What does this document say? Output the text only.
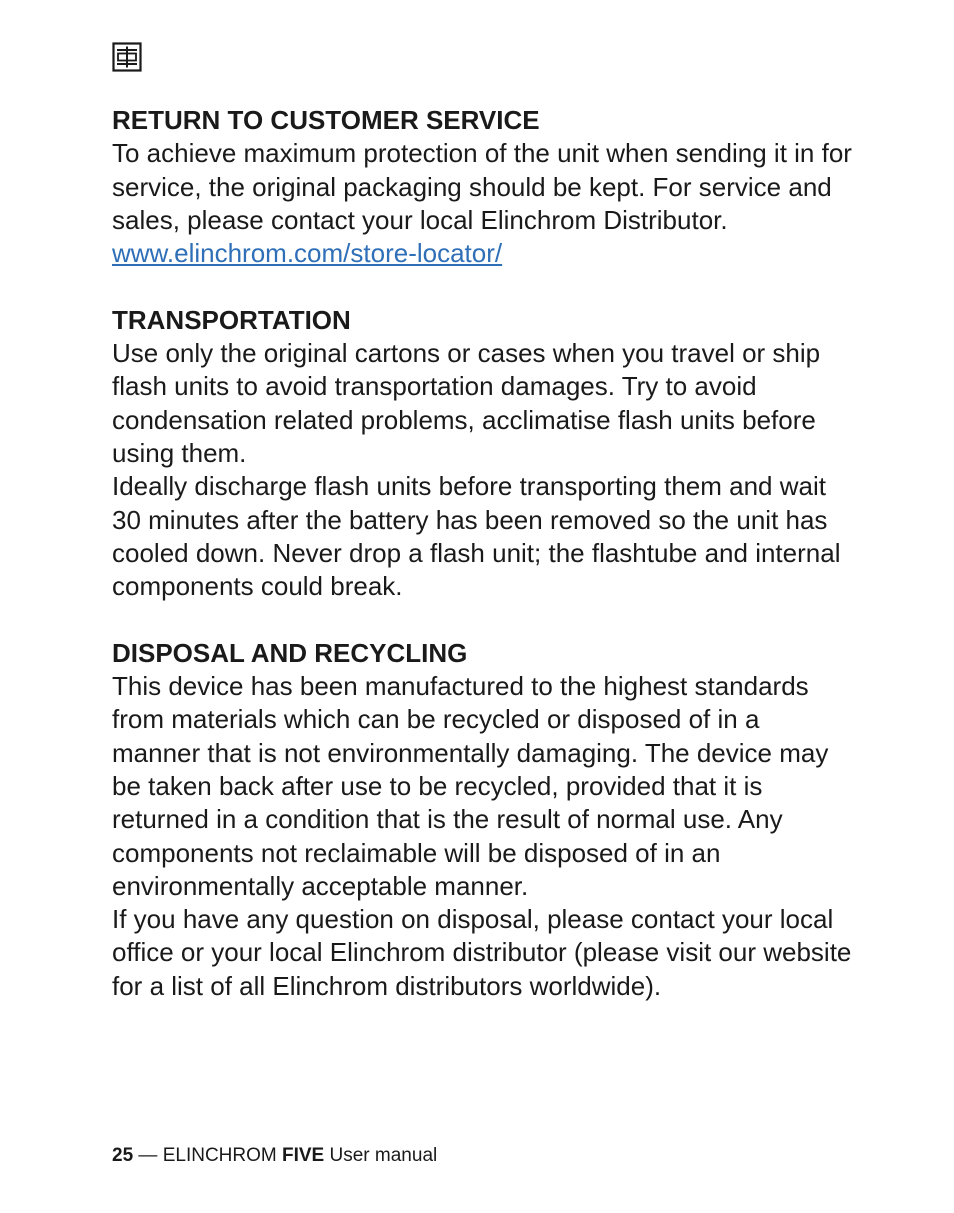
RETURN TO CUSTOMER SERVICE

To achieve maximum protection of the unit when sending it in for service, the original packaging should be kept. For service and sales, please contact your local Elinchrom Distributor.

www.elinchrom.com/store-locator/

TRANSPORTATION

Use only the original cartons or cases when you travel or ship flash units to avoid transportation damages. Try to avoid condensation related problems, acclimatise flash units before using them.

Ideally discharge flash units before transporting them and wait 30 minutes after the battery has been removed so the unit has cooled down. Never drop a flash unit; the flashtube and internal components could break.

DISPOSAL AND RECYCLING

This device has been manufactured to the highest standards from materials which can be recycled or disposed of in a manner that is not environmentally damaging. The device may be taken back after use to be recycled, provided that it is returned in a condition that is the result of normal use. Any components not reclaimable will be disposed of in an environmentally acceptable manner.

If you have any question on disposal, please contact your local office or your local Elinchrom distributor (please visit our website for a list of all Elinchrom distributors worldwide).

25 — ELINCHROM FIVE User manual
